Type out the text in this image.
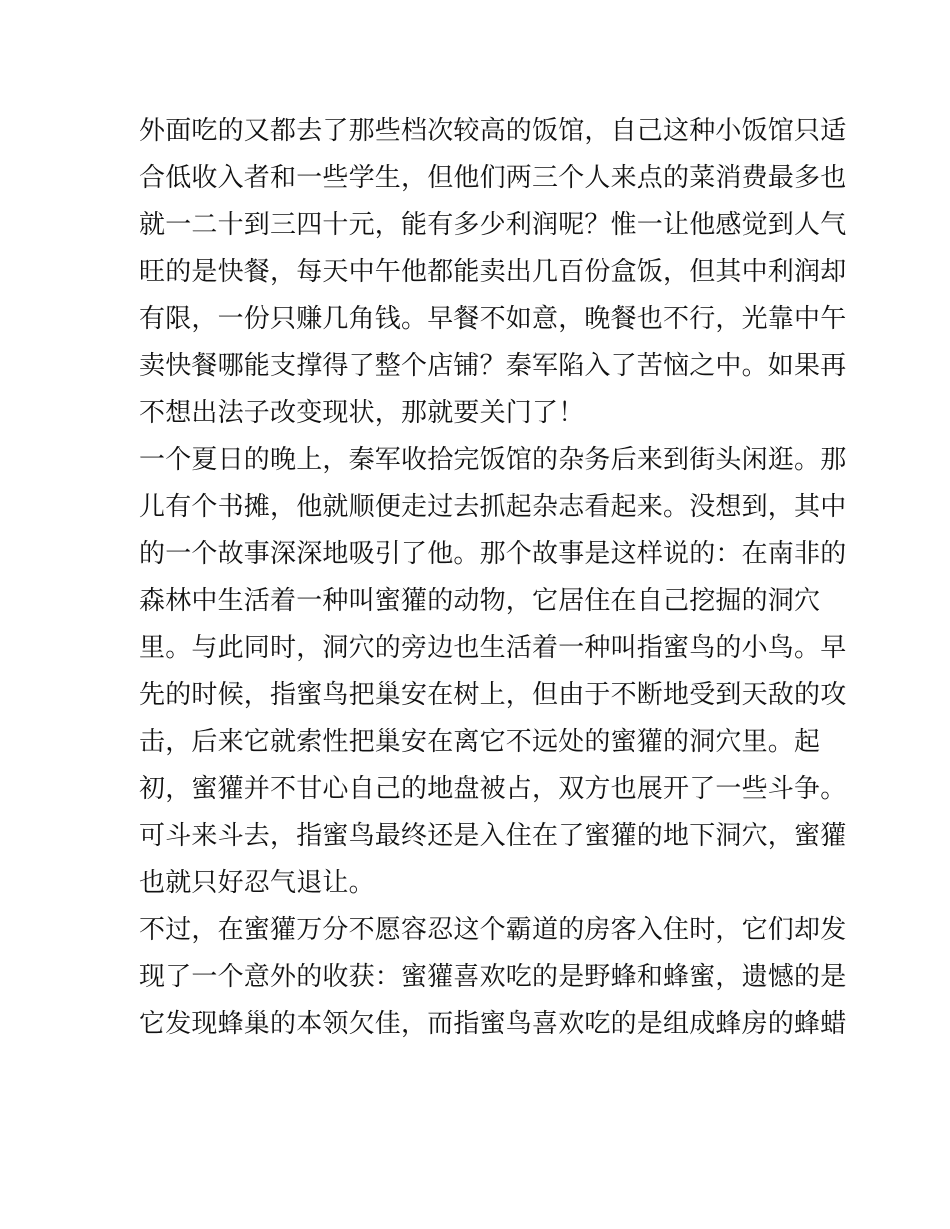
外面吃的又都去了那些档次较高的饭馆，自己这种小饭馆只适
合低收入者和一些学生，但他们两三个人来点的菜消费最多也
就一二十到三四十元，能有多少利润呢？惟一让他感觉到人气
旺的是快餐，每天中午他都能卖出几百份盒饭，但其中利润却
有限，一份只赚几角钱。早餐不如意，晚餐也不行，光靠中午
卖快餐哪能支撑得了整个店铺？秦军陷入了苦恼之中。如果再
不想出法子改变现状，那就要关门了！
一个夏日的晚上，秦军收拾完饭馆的杂务后来到街头闲逛。那
儿有个书摊，他就顺便走过去抓起杂志看起来。没想到，其中
的一个故事深深地吸引了他。那个故事是这样说的：在南非的
森林中生活着一种叫蜜獾的动物，它居住在自己挖掘的洞穴
里。与此同时，洞穴的旁边也生活着一种叫指蜜鸟的小鸟。早
先的时候，指蜜鸟把巢安在树上，但由于不断地受到天敌的攻
击，后来它就索性把巢安在离它不远处的蜜獾的洞穴里。起
初，蜜獾并不甘心自己的地盘被占，双方也展开了一些斗争。
可斗来斗去，指蜜鸟最终还是入住在了蜜獾的地下洞穴，蜜獾
也就只好忍气退让。
不过，在蜜獾万分不愿容忍这个霸道的房客入住时，它们却发
现了一个意外的收获：蜜獾喜欢吃的是野蜂和蜂蜜，遗憾的是
它发现蜂巢的本领欠佳，而指蜜鸟喜欢吃的是组成蜂房的蜂蜡
